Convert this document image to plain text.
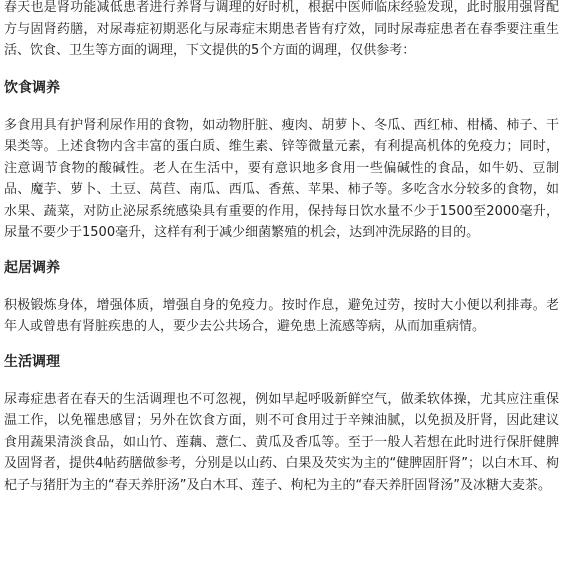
春天也是肾功能减低患者进行养肾与调理的好时机，根据中医师临床经验发现，此时服用强肾配方与固肾药膳，对尿毒症初期恶化与尿毒症末期患者皆有疗效，同时尿毒症患者在春季要注重生活、饮食、卫生等方面的调理，下文提供的5个方面的调理，仅供参考：

饮食调养

多食用具有护肾利尿作用的食物，如动物肝脏、瘦肉、胡萝卜、冬瓜、西红柿、柑橘、柿子、干果类等。上述食物内含丰富的蛋白质、维生素、锌等微量元素，有利提高机体的免疫力；同时，注意调节食物的酸碱性。老人在生活中，要有意识地多食用一些偏碱性的食品，如牛奶、豆制品、魔芋、萝卜、土豆、莴苣、南瓜、西瓜、香蕉、苹果、柿子等。多吃含水分较多的食物，如水果、蔬菜，对防止泌尿系统感染具有重要的作用，保持每日饮水量不少于1500至2000毫升，尿量不要少于1500毫升，这样有利于减少细菌繁殖的机会，达到冲洗尿路的目的。

起居调养

积极锻炼身体，增强体质，增强自身的免疫力。按时作息，避免过劳，按时大小便以利排毒。老年人或曾患有肾脏疾患的人，要少去公共场合，避免患上流感等病，从而加重病情。

生活调理

尿毒症患者在春天的生活调理也不可忽视，例如早起呼吸新鲜空气，做柔软体操，尤其应注重保温工作，以免罹患感冒；另外在饮食方面，则不可食用过于辛辣油腻，以免损及肝肾，因此建议食用蔬果清淡食品，如山竹、莲藕、薏仁、黄瓜及香瓜等。至于一般人若想在此时进行保肝健脾及固肾者，提供4帖药膳做参考，分别是以山药、白果及芡实为主的“健脾固肝肾”；以白木耳、枸杞子与猪肝为主的“春天养肝汤”及白木耳、莲子、枸杞为主的“春天养肝固肾汤”及冰糖大麦茶。
